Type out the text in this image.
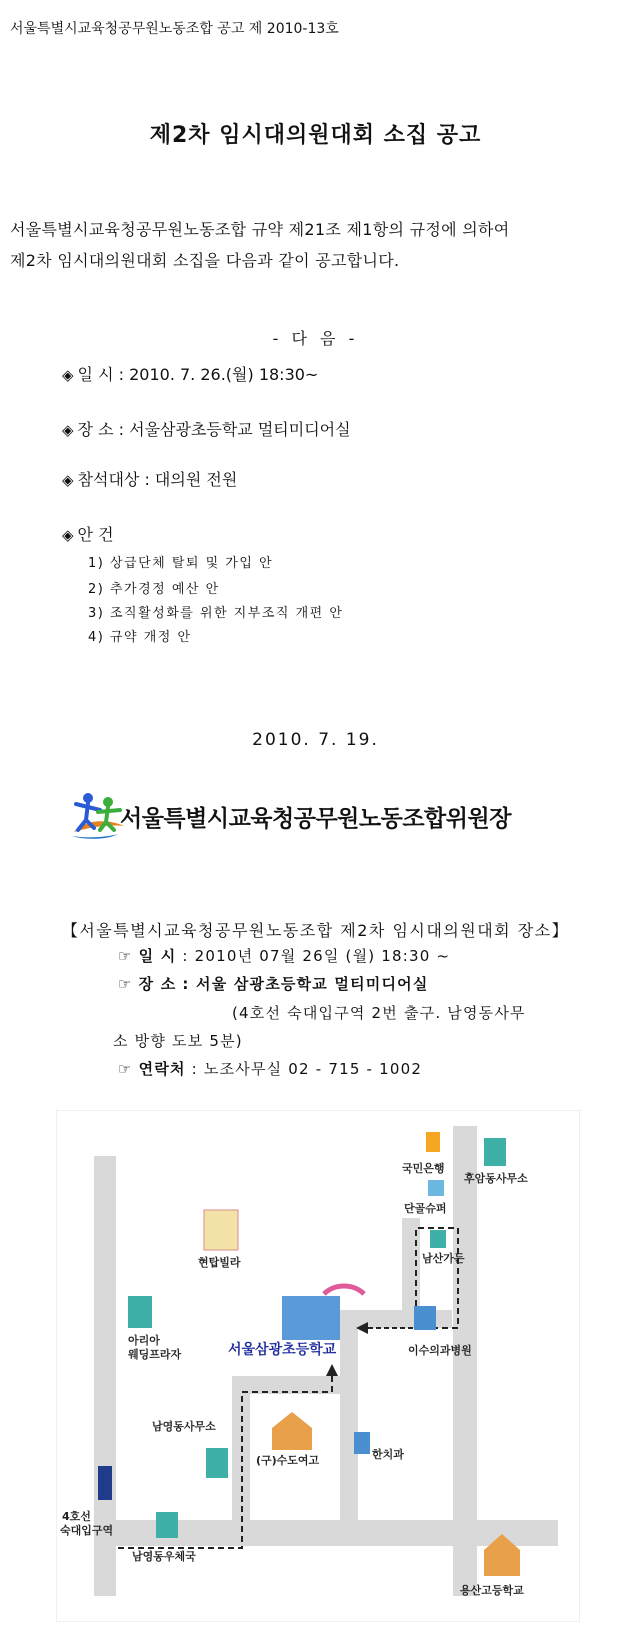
서울특별시교육청공무원노동조합 공고 제 2010-13호
제2차 임시대의원대회 소집 공고
서울특별시교육청공무원노동조합 규약 제21조 제1항의 규정에 의하여
제2차 임시대의원대회 소집을 다음과 같이 공고합니다.
- 다 음 -
◈ 일 시 : 2010. 7. 26.(월) 18:30~
◈ 장 소 : 서울삼광초등학교 멀티미디어실
◈ 참석대상 : 대의원 전원
◈ 안 건
1) 상급단체 탈퇴 및 가입 안
2) 추가경정 예산 안
3) 조직활성화를 위한 지부조직 개편 안
4) 규약 개정 안
2010. 7. 19.
서울특별시교육청공무원노동조합위원장
【서울특별시교육청공무원노동조합 제2차 임시대의원대회 장소】
☞ 일 시 : 2010년 07월 26일 (월) 18:30 ~
☞ 장 소 : 서울 삼광초등학교 멀티미디어실
(4호선 숙대입구역 2번 출구. 남영동사무
소 방향 도보 5분)
☞ 연락처 : 노조사무실 02 - 715 - 1002
국민은행
후암동사무소
단골슈퍼
남산가든
현탑빌라
아리아
웨딩프라자	서울삼광초등학교	이수의과병원
남영동사무소
(구)수도여고	한치과
4호선
숙대입구역
남영동우체국
용산고등학교
